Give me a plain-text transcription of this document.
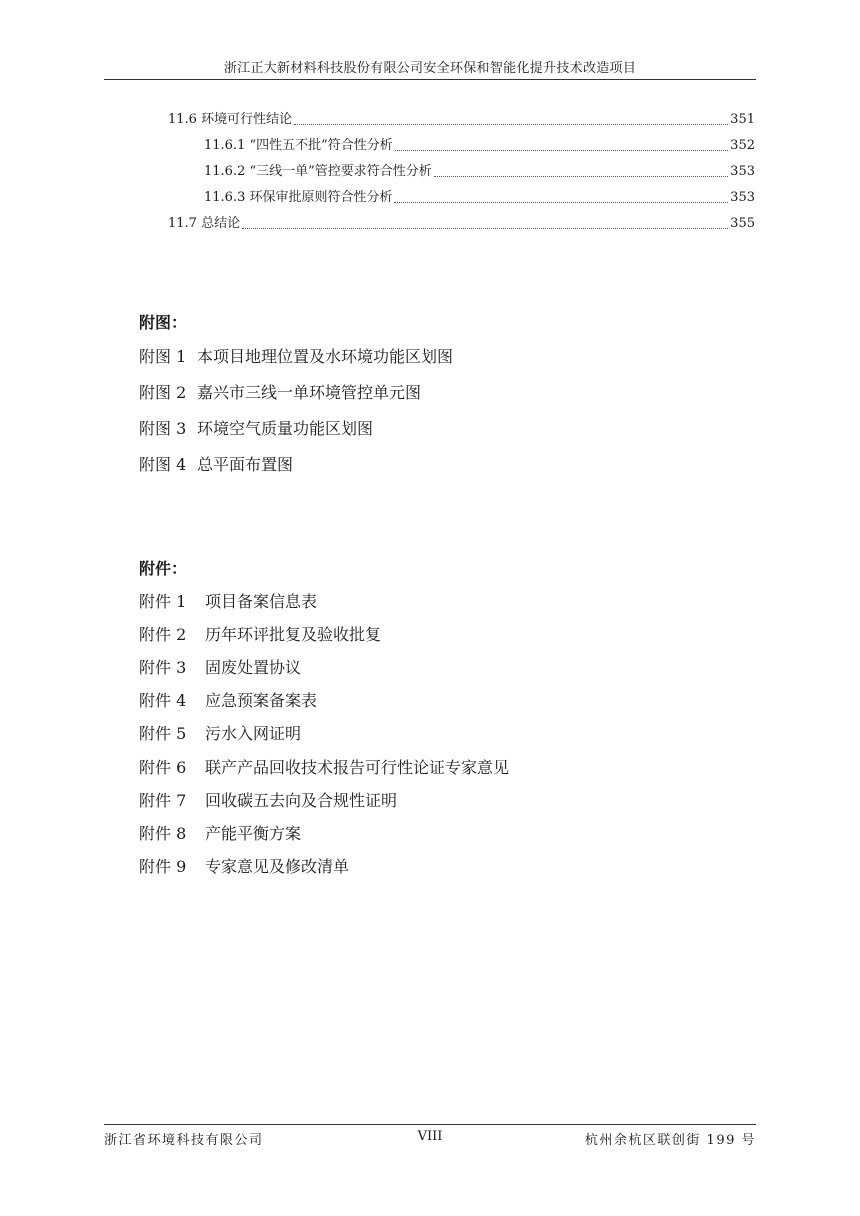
浙江正大新材料科技股份有限公司安全环保和智能化提升技术改造项目
11.6 环境可行性结论	351
11.6.1 “四性五不批”符合性分析	352
11.6.2 “三线一单”管控要求符合性分析	353
11.6.3 环保审批原则符合性分析	353
11.7 总结论	355
附图：
附图 1 本项目地理位置及水环境功能区划图
附图 2 嘉兴市三线一单环境管控单元图
附图 3 环境空气质量功能区划图
附图 4 总平面布置图
附件：
附件 1 项目备案信息表
附件 2 历年环评批复及验收批复
附件 3 固废处置协议
附件 4 应急预案备案表
附件 5 污水入网证明
附件 6 联产产品回收技术报告可行性论证专家意见
附件 7 回收碳五去向及合规性证明
附件 8 产能平衡方案
附件 9 专家意见及修改清单
浙江省环境科技有限公司	VIII	杭州余杭区联创街 199 号
